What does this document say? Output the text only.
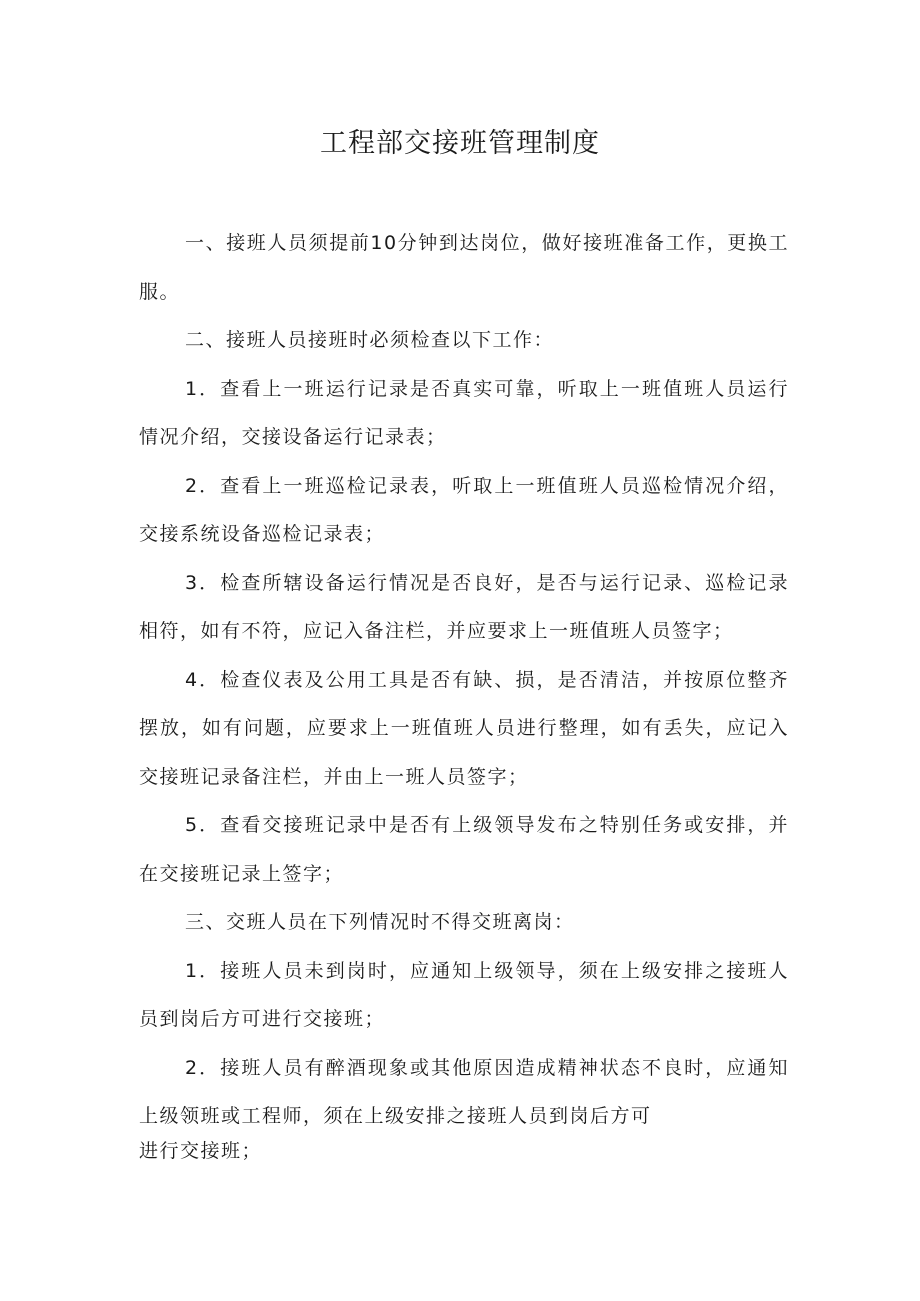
工程部交接班管理制度

一、接班人员须提前10分钟到达岗位，做好接班准备工作，更换工服。

二、接班人员接班时必须检查以下工作：

1．查看上一班运行记录是否真实可靠，听取上一班值班人员运行情况介绍，交接设备运行记录表；

2．查看上一班巡检记录表，听取上一班值班人员巡检情况介绍，交接系统设备巡检记录表；

3．检查所辖设备运行情况是否良好，是否与运行记录、巡检记录相符，如有不符，应记入备注栏，并应要求上一班值班人员签字；

4．检查仪表及公用工具是否有缺、损，是否清洁，并按原位整齐摆放，如有问题，应要求上一班值班人员进行整理，如有丢失，应记入交接班记录备注栏，并由上一班人员签字；

5．查看交接班记录中是否有上级领导发布之特别任务或安排，并在交接班记录上签字；

三、交班人员在下列情况时不得交班离岗：

1．接班人员未到岗时，应通知上级领导，须在上级安排之接班人员到岗后方可进行交接班；

2．接班人员有醉酒现象或其他原因造成精神状态不良时，应通知上级领班或工程师，须在上级安排之接班人员到岗后方可
进行交接班；
